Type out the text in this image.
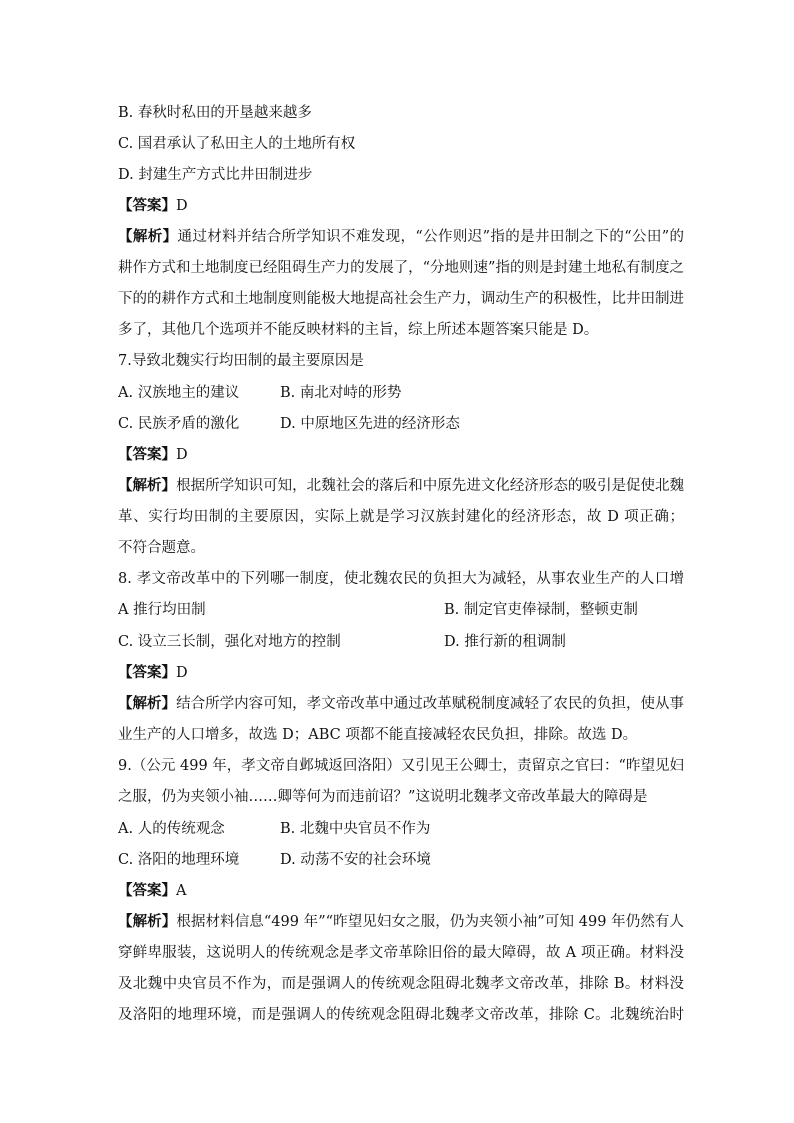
B. 春秋时私田的开垦越来越多
C. 国君承认了私田主人的土地所有权
D. 封建生产方式比井田制进步
【答案】D
【解析】通过材料并结合所学知识不难发现，“公作则迟”指的是井田制之下的“公田”的
耕作方式和土地制度已经阻碍生产力的发展了，“分地则速”指的则是封建土地私有制度之
下的的耕作方式和土地制度则能极大地提高社会生产力，调动生产的积极性，比井田制进
多了，其他几个选项并不能反映材料的主旨，综上所述本题答案只能是 D。
7.导致北魏实行均田制的最主要原因是
A. 汉族地主的建议	B. 南北对峙的形势
C. 民族矛盾的激化	D. 中原地区先进的经济形态
【答案】D
【解析】根据所学知识可知，北魏社会的落后和中原先进文化经济形态的吸引是促使北魏
革、实行均田制的主要原因，实际上就是学习汉族封建化的经济形态，故 D 项正确；
不符合题意。
8. 孝文帝改革中的下列哪一制度，使北魏农民的负担大为减轻，从事农业生产的人口增
A 推行均田制	B. 制定官吏俸禄制，整顿吏制
C. 设立三长制，强化对地方的控制	D. 推行新的租调制
【答案】D
【解析】结合所学内容可知，孝文帝改革中通过改革赋税制度减轻了农民的负担，使从事
业生产的人口增多，故选 D；ABC 项都不能直接减轻农民负担，排除。故选 D。
9.（公元 499 年，孝文帝自邺城返回洛阳）又引见王公卿士，责留京之官曰：“昨望见妇
之服，仍为夹领小袖……卿等何为而违前诏？”这说明北魏孝文帝改革最大的障碍是
A. 人的传统观念	B. 北魏中央官员不作为
C. 洛阳的地理环境	D. 动荡不安的社会环境
【答案】A
【解析】根据材料信息“499 年”“昨望见妇女之服，仍为夹领小袖”可知 499 年仍然有人
穿鲜卑服装，这说明人的传统观念是孝文帝革除旧俗的最大障碍，故 A 项正确。材料没
及北魏中央官员不作为，而是强调人的传统观念阻碍北魏孝文帝改革，排除 B。材料没
及洛阳的地理环境，而是强调人的传统观念阻碍北魏孝文帝改革，排除 C。北魏统治时
